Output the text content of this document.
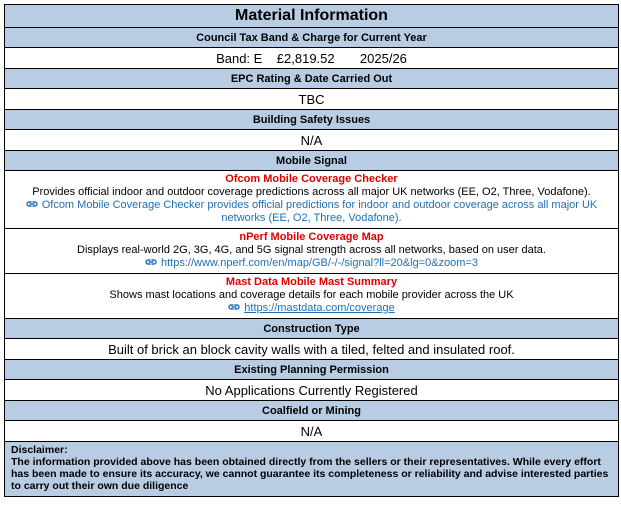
Material Information
Council Tax Band & Charge for Current Year
Band: E £2,819.52 2025/26
EPC Rating & Date Carried Out
TBC
Building Safety Issues
N/A
Mobile Signal
Ofcom Mobile Coverage Checker
Provides official indoor and outdoor coverage predictions across all major UK networks (EE, O2, Three, Vodafone).
Ofcom Mobile Coverage Checker provides official predictions for indoor and outdoor coverage across all major UK networks (EE, O2, Three, Vodafone).
nPerf Mobile Coverage Map
Displays real-world 2G, 3G, 4G, and 5G signal strength across all networks, based on user data.
https://www.nperf.com/en/map/GB/-/-/signal?ll=20&lg=0&zoom=3
Mast Data Mobile Mast Summary
Shows mast locations and coverage details for each mobile provider across the UK
https://mastdata.com/coverage
Construction Type
Built of brick an block cavity walls with a tiled, felted and insulated roof.
Existing Planning Permission
No Applications Currently Registered
Coalfield or Mining
N/A
Disclaimer:
The information provided above has been obtained directly from the sellers or their representatives. While every effort has been made to ensure its accuracy, we cannot guarantee its completeness or reliability and advise interested parties to carry out their own due diligence
